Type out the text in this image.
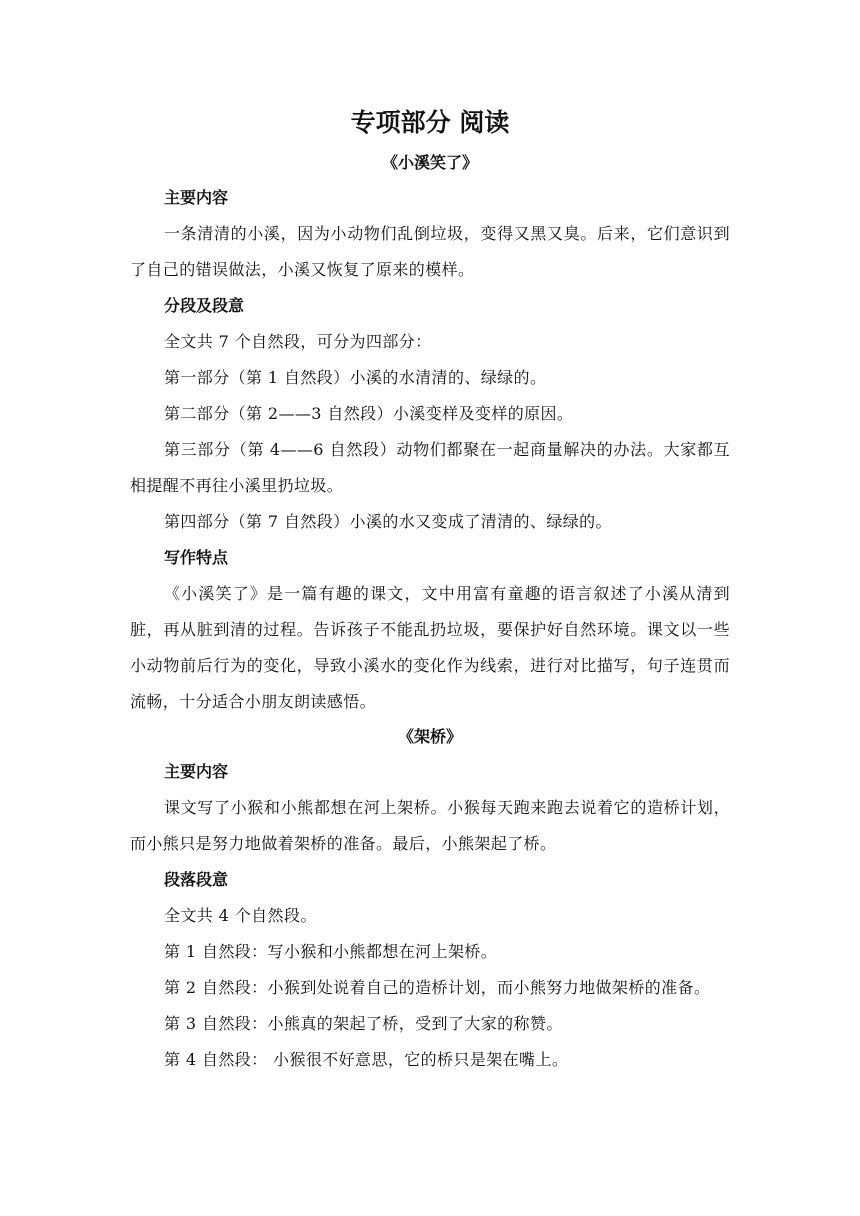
专项部分 阅读
《小溪笑了》

主要内容

一条清清的小溪，因为小动物们乱倒垃圾，变得又黑又臭。后来，它们意识到了自己的错误做法，小溪又恢复了原来的模样。

分段及段意

全文共 7 个自然段，可分为四部分：

第一部分（第 1 自然段）小溪的水清清的、绿绿的。

第二部分（第 2——3 自然段）小溪变样及变样的原因。

第三部分（第 4——6 自然段）动物们都聚在一起商量解决的办法。大家都互相提醒不再往小溪里扔垃圾。

第四部分（第 7 自然段）小溪的水又变成了清清的、绿绿的。

写作特点

《小溪笑了》是一篇有趣的课文，文中用富有童趣的语言叙述了小溪从清到脏，再从脏到清的过程。告诉孩子不能乱扔垃圾，要保护好自然环境。课文以一些小动物前后行为的变化，导致小溪水的变化作为线索，进行对比描写，句子连贯而流畅，十分适合小朋友朗读感悟。

《架桥》

主要内容

课文写了小猴和小熊都想在河上架桥。小猴每天跑来跑去说着它的造桥计划，而小熊只是努力地做着架桥的准备。最后，小熊架起了桥。

段落段意

全文共 4 个自然段。

第 1 自然段：写小猴和小熊都想在河上架桥。

第 2 自然段：小猴到处说着自己的造桥计划，而小熊努力地做架桥的准备。

第 3 自然段：小熊真的架起了桥，受到了大家的称赞。

第 4 自然段： 小猴很不好意思，它的桥只是架在嘴上。
